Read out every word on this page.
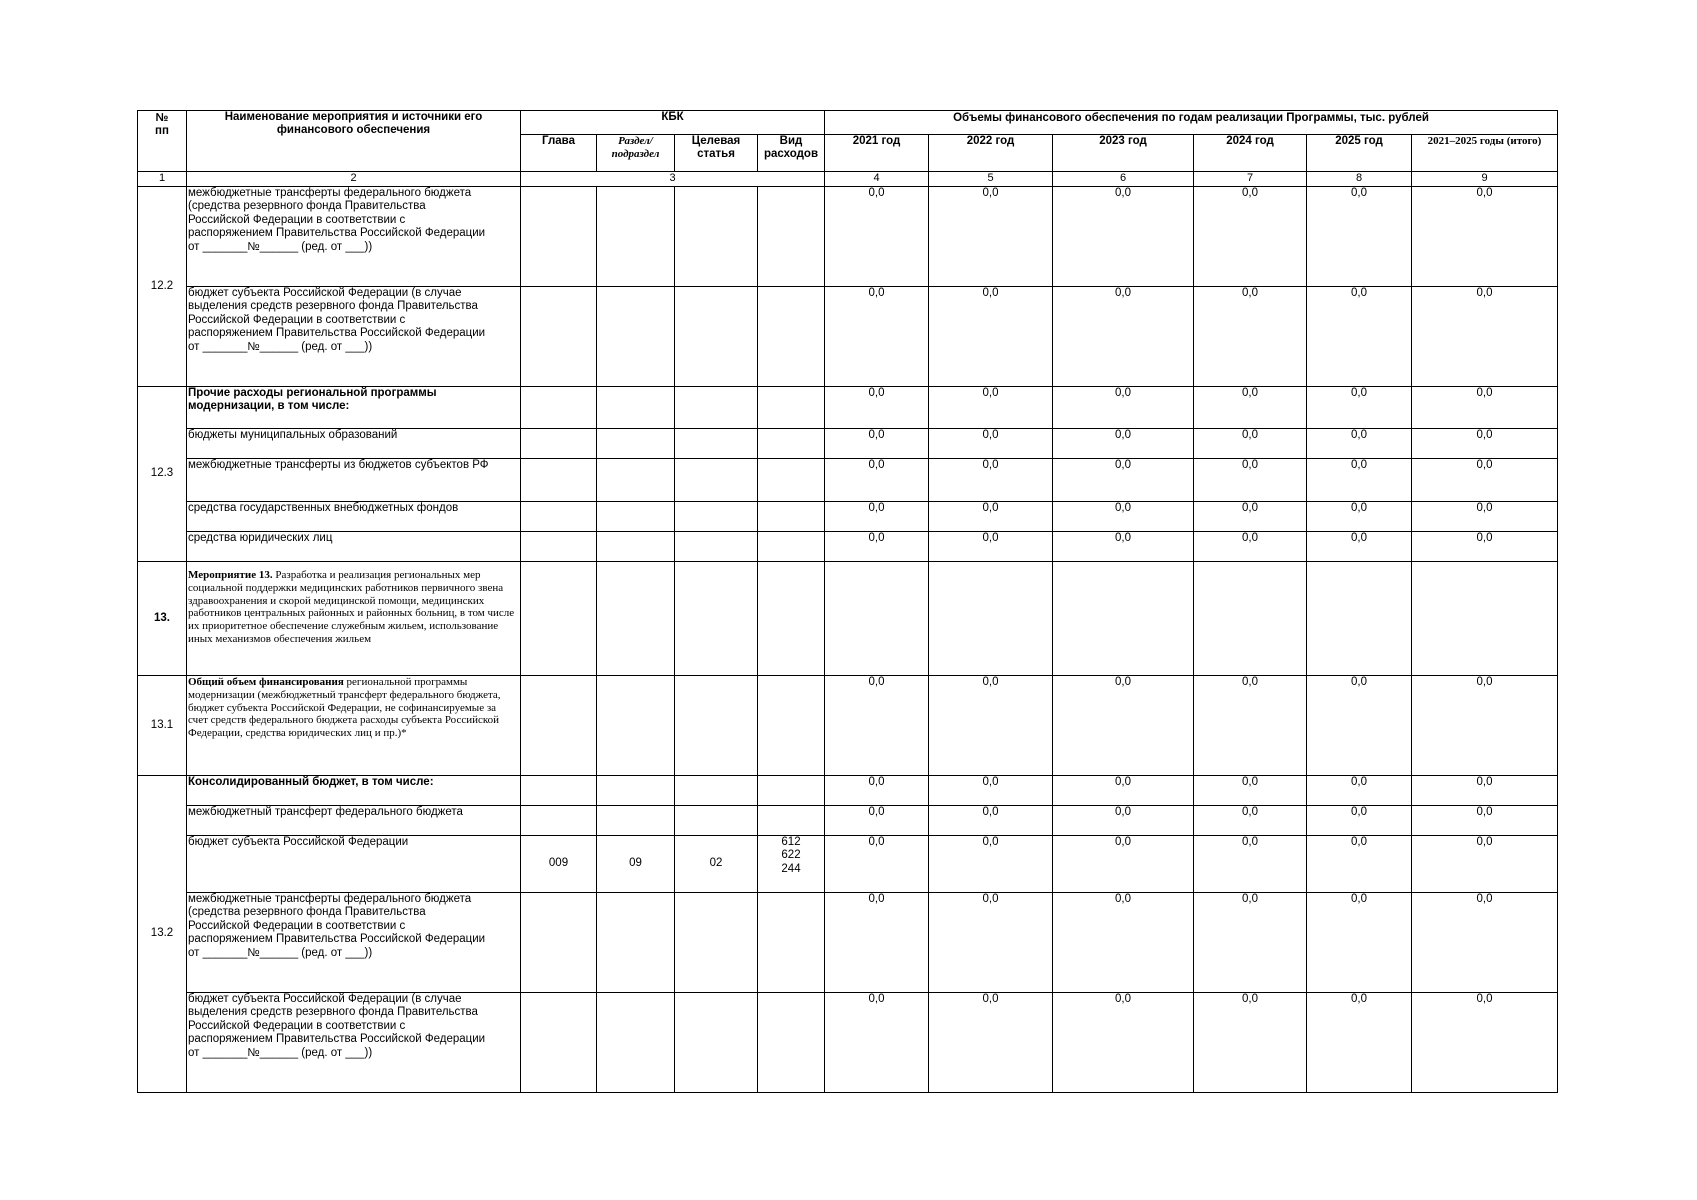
№ пп	Наименование мероприятия и источники его финансового обеспечения	КБК				Объемы финансового обеспечения по годам реализации Программы, тыс. рублей					
		Глава	Раздел/ подраздел	Целевая статья	Вид расходов	2021 год	2022 год	2023 год	2024 год	2025 год	2021–2025 годы (итого)
1	2	3				4	5	6	7	8	9
12.2	межбюджетные трансферты федерального бюджета
(средства резервного фонда Правительства
Российской Федерации в соответствии с
распоряжением Правительства Российской Федерации
от _______№______ (ред. от ___))					0,0	0,0	0,0	0,0	0,0	0,0

	бюджет субъекта Российской Федерации (в случае
выделения средств резервного фонда Правительства
Российской Федерации в соответствии с
распоряжением Правительства Российской Федерации
от _______№______ (ред. от ___))					0,0	0,0	0,0	0,0	0,0	0,0
12.3	Прочие расходы региональной программы
модернизации, в том числе:					0,0	0,0	0,0	0,0	0,0	0,0
	бюджеты муниципальных образований					0,0	0,0	0,0	0,0	0,0	0,0
	межбюджетные трансферты из бюджетов субъектов РФ					0,0	0,0	0,0	0,0	0,0	0,0
	средства государственных внебюджетных фондов					0,0	0,0	0,0	0,0	0,0	0,0
	средства юридических лиц					0,0	0,0	0,0	0,0	0,0	0,0
13.	Мероприятие 13. Разработка и реализация региональных мер социальной поддержки медицинских работников первичного звена здравоохранения и скорой медицинской помощи, медицинских работников центральных районных и районных больниц, в том числе их приоритетное обеспечение служебным жильем, использование иных механизмов обеспечения жильем										
13.1	Общий объем финансирования региональной программы модернизации (межбюджетный трансферт федерального бюджета, бюджет субъекта Российской Федерации, не софинансируемые за счет средств федерального бюджета расходы субъекта Российской Федерации, средства юридических лиц и пр.)*					0,0	0,0	0,0	0,0	0,0	0,0
13.2	Консолидированный бюджет, в том числе:					0,0	0,0	0,0	0,0	0,0	0,0
	межбюджетный трансферт федерального бюджета					0,0	0,0	0,0	0,0	0,0	0,0
	бюджет субъекта Российской Федерации	009	09	02	612
622
244	0,0	0,0	0,0	0,0	0,0	0,0

	межбюджетные трансферты федерального бюджета
(средства резервного фонда Правительства
Российской Федерации в соответствии с
распоряжением Правительства Российской Федерации
от _______№______ (ред. от ___))					0,0	0,0	0,0	0,0	0,0	0,0

	бюджет субъекта Российской Федерации (в случае
выделения средств резервного фонда Правительства
Российской Федерации в соответствии с
распоряжением Правительства Российской Федерации
от _______№______ (ред. от ___))					0,0	0,0	0,0	0,0	0,0	0,0
